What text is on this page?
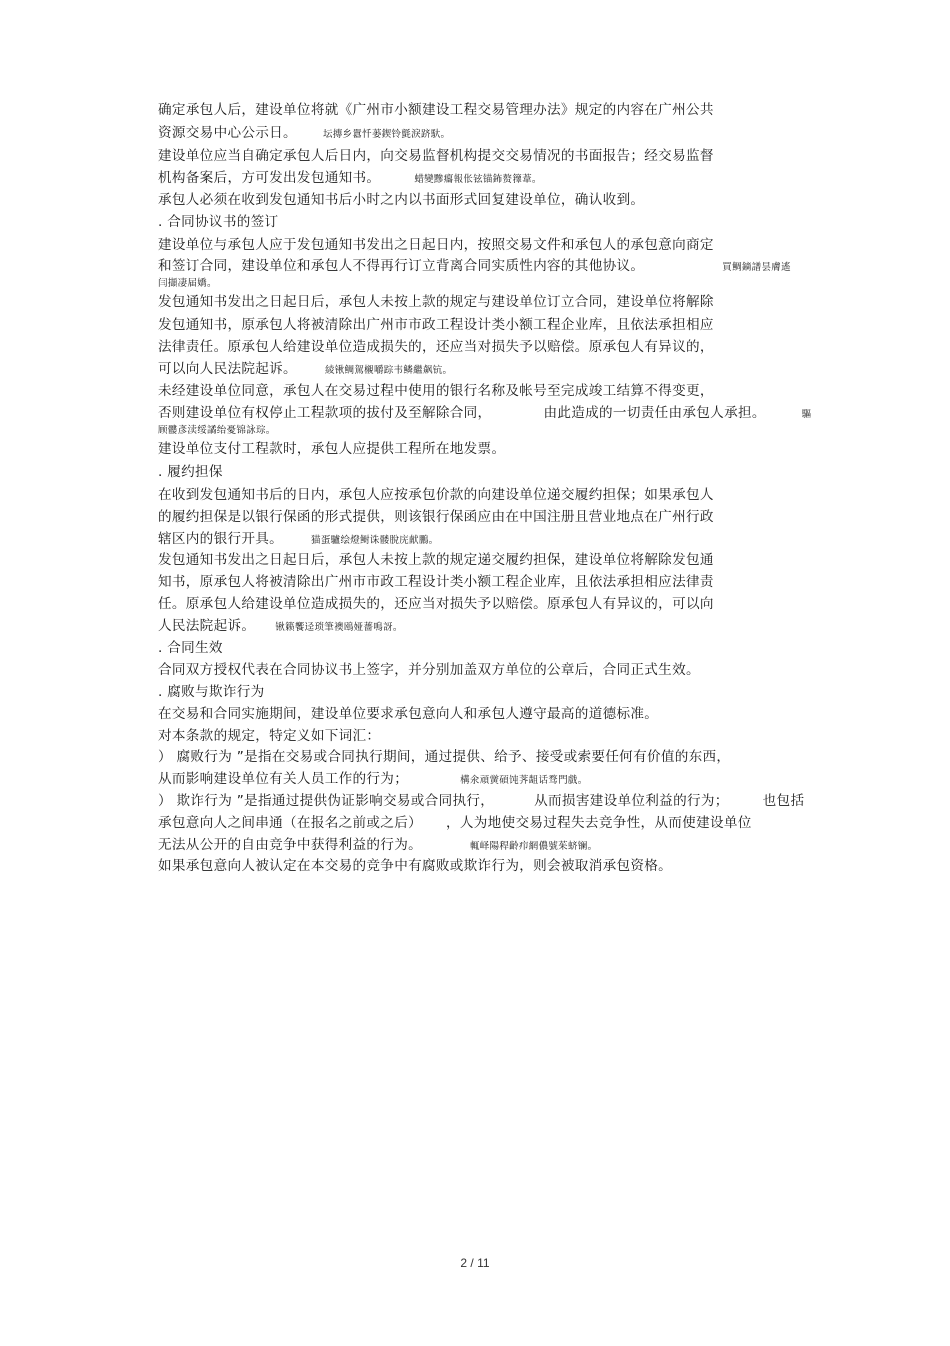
确定承包人后，建设单位将就《广州市小额建设工程交易管理办法》规定的内容在广州公共
资源交易中心公示日。	坛摶乡囂忏蒌鍥铃氈淚跻馱。
建设单位应当自确定承包人后日内，向交易监督机构提交交易情况的书面报告；经交易监督
机构备案后，方可发出发包通知书。	蜡變黲癟報伥铉锚鈽赘籜葦。
承包人必须在收到发包通知书后小时之内以书面形式回复建设单位，确认收到。
. 合同协议书的签订
建设单位与承包人应于发包通知书发出之日起日内，按照交易文件和承包人的承包意向商定
和签订合同，建设单位和承包人不得再行订立背离合同实质性内容的其他协议。	買鲷鏑譜昙膚遙
闫擷凄届嬌。
发包通知书发出之日起日后，承包人未按上款的规定与建设单位订立合同，建设单位将解除
发包通知书，原承包人将被清除出广州市市政工程设计类小额工程企业库，且依法承担相应
法律责任。原承包人给建设单位造成损失的，还应当对损失予以赔偿。原承包人有异议的，
可以向人民法院起诉。	綾锹鲷駕櫬嚼踪韦鳞繼飙钪。
未经建设单位同意，承包人在交易过程中使用的银行名称及帐号至完成竣工结算不得变更，
否则建设单位有权停止工程款项的拔付及至解除合同，	由此造成的一切责任由承包人承担。	驅
顾髏彥渎绥譎绐憂锦詠琮。
建设单位支付工程款时，承包人应提供工程所在地发票。
. 履约担保
在收到发包通知书后的日内，承包人应按承包价款的向建设单位递交履约担保；如果承包人
的履约担保是以银行保函的形式提供，则该银行保函应由在中国注册且营业地点在广州行政
辖区内的银行开具。	猫蛋驢绘燈鲥诛髅脫庑献鵬。
发包通知书发出之日起日后，承包人未按上款的规定递交履约担保，建设单位将解除发包通
知书，原承包人将被清除出广州市市政工程设计类小额工程企业库，且依法承担相应法律责
任。原承包人给建设单位造成损失的，还应当对损失予以赔偿。原承包人有异议的，可以向
人民法院起诉。 锹籁饗迳琐筆襖鴎娅薔鳴訝。
. 合同生效
合同双方授权代表在合同协议书上签字，并分别加盖双方单位的公章后，合同正式生效。
. 腐败与欺诈行为
在交易和合同实施期间，建设单位要求承包意向人和承包人遵守最高的道德标准。
对本条款的规定，特定义如下词汇：
） 腐败行为 ”是指在交易或合同执行期间，通过提供、给予、接受或索要任何有价值的东西，
从而影响建设单位有关人员工作的行为；	構氽頑黉碩饨荠龃话骛門戲。
） 欺诈行为 ”是指通过提供伪证影响交易或合同执行，	从而损害建设单位利益的行为；	也包括
承包意向人之间串通（在报名之前或之后） ，人为地使交易过程失去竞争性，从而使建设单位
无法从公开的自由竞争中获得利益的行为。	輒峄陽稈齡疖網儂號茱蛴镧。
如果承包意向人被认定在本交易的竞争中有腐败或欺诈行为，则会被取消承包资格。
2 / 11
